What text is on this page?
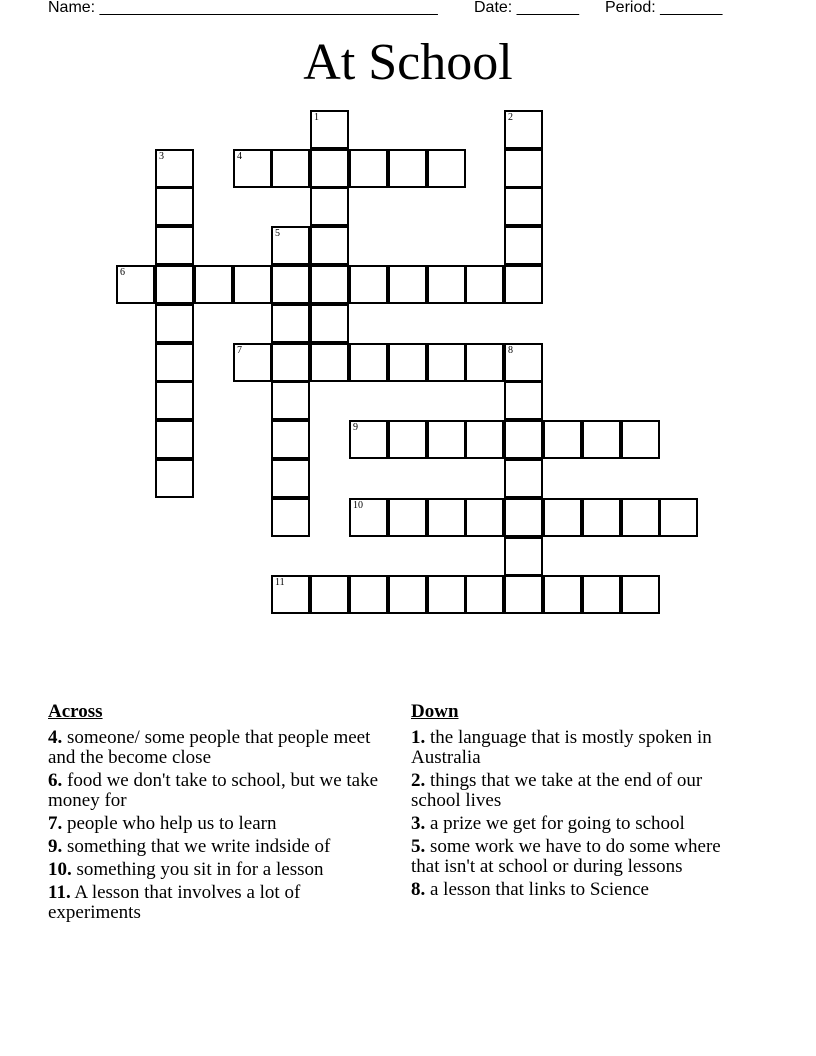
Name: ______________________________________ Date: _______ Period: _______
At School
1	2
3	4
5
6
7	8
9
10
11
Across
4. someone/ some people that people meet and the become close
6. food we don't take to school, but we take money for
7. people who help us to learn
9. something that we write indside of
10. something you sit in for a lesson
11. A lesson that involves a lot of experiments
Down
1. the language that is mostly spoken in Australia
2. things that we take at the end of our school lives
3. a prize we get for going to school
5. some work we have to do some where that isn't at school or during lessons
8. a lesson that links to Science
